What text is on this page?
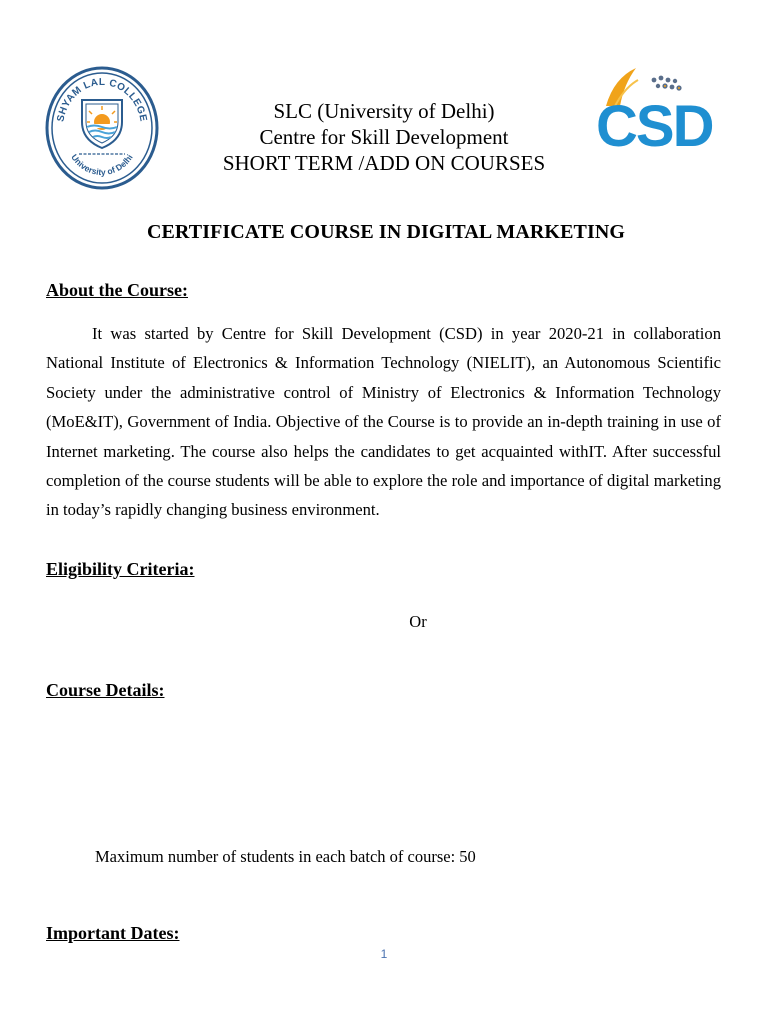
SHYAM LAL COLLEGE
University of Delhi	CSD
SLC (University of Delhi)
Centre for Skill Development
SHORT TERM /ADD ON COURSES
CERTIFICATE COURSE IN DIGITAL MARKETING
About the Course:
It was started by Centre for Skill Development (CSD) in year 2020-21 in collaboration National Institute of Electronics & Information Technology (NIELIT), an Autonomous Scientific Society under the administrative control of Ministry of Electronics & Information Technology (MoE&IT), Government of India. Objective of the Course is to provide an in-depth training in use of Internet marketing. The course also helps the candidates to get acquainted withIT. After successful completion of the course students will be able to explore the role and importance of digital marketing in today’s rapidly changing business environment.
Eligibility Criteria:
Or
Course Details:
Maximum number of students in each batch of course: 50
Important Dates:
1
